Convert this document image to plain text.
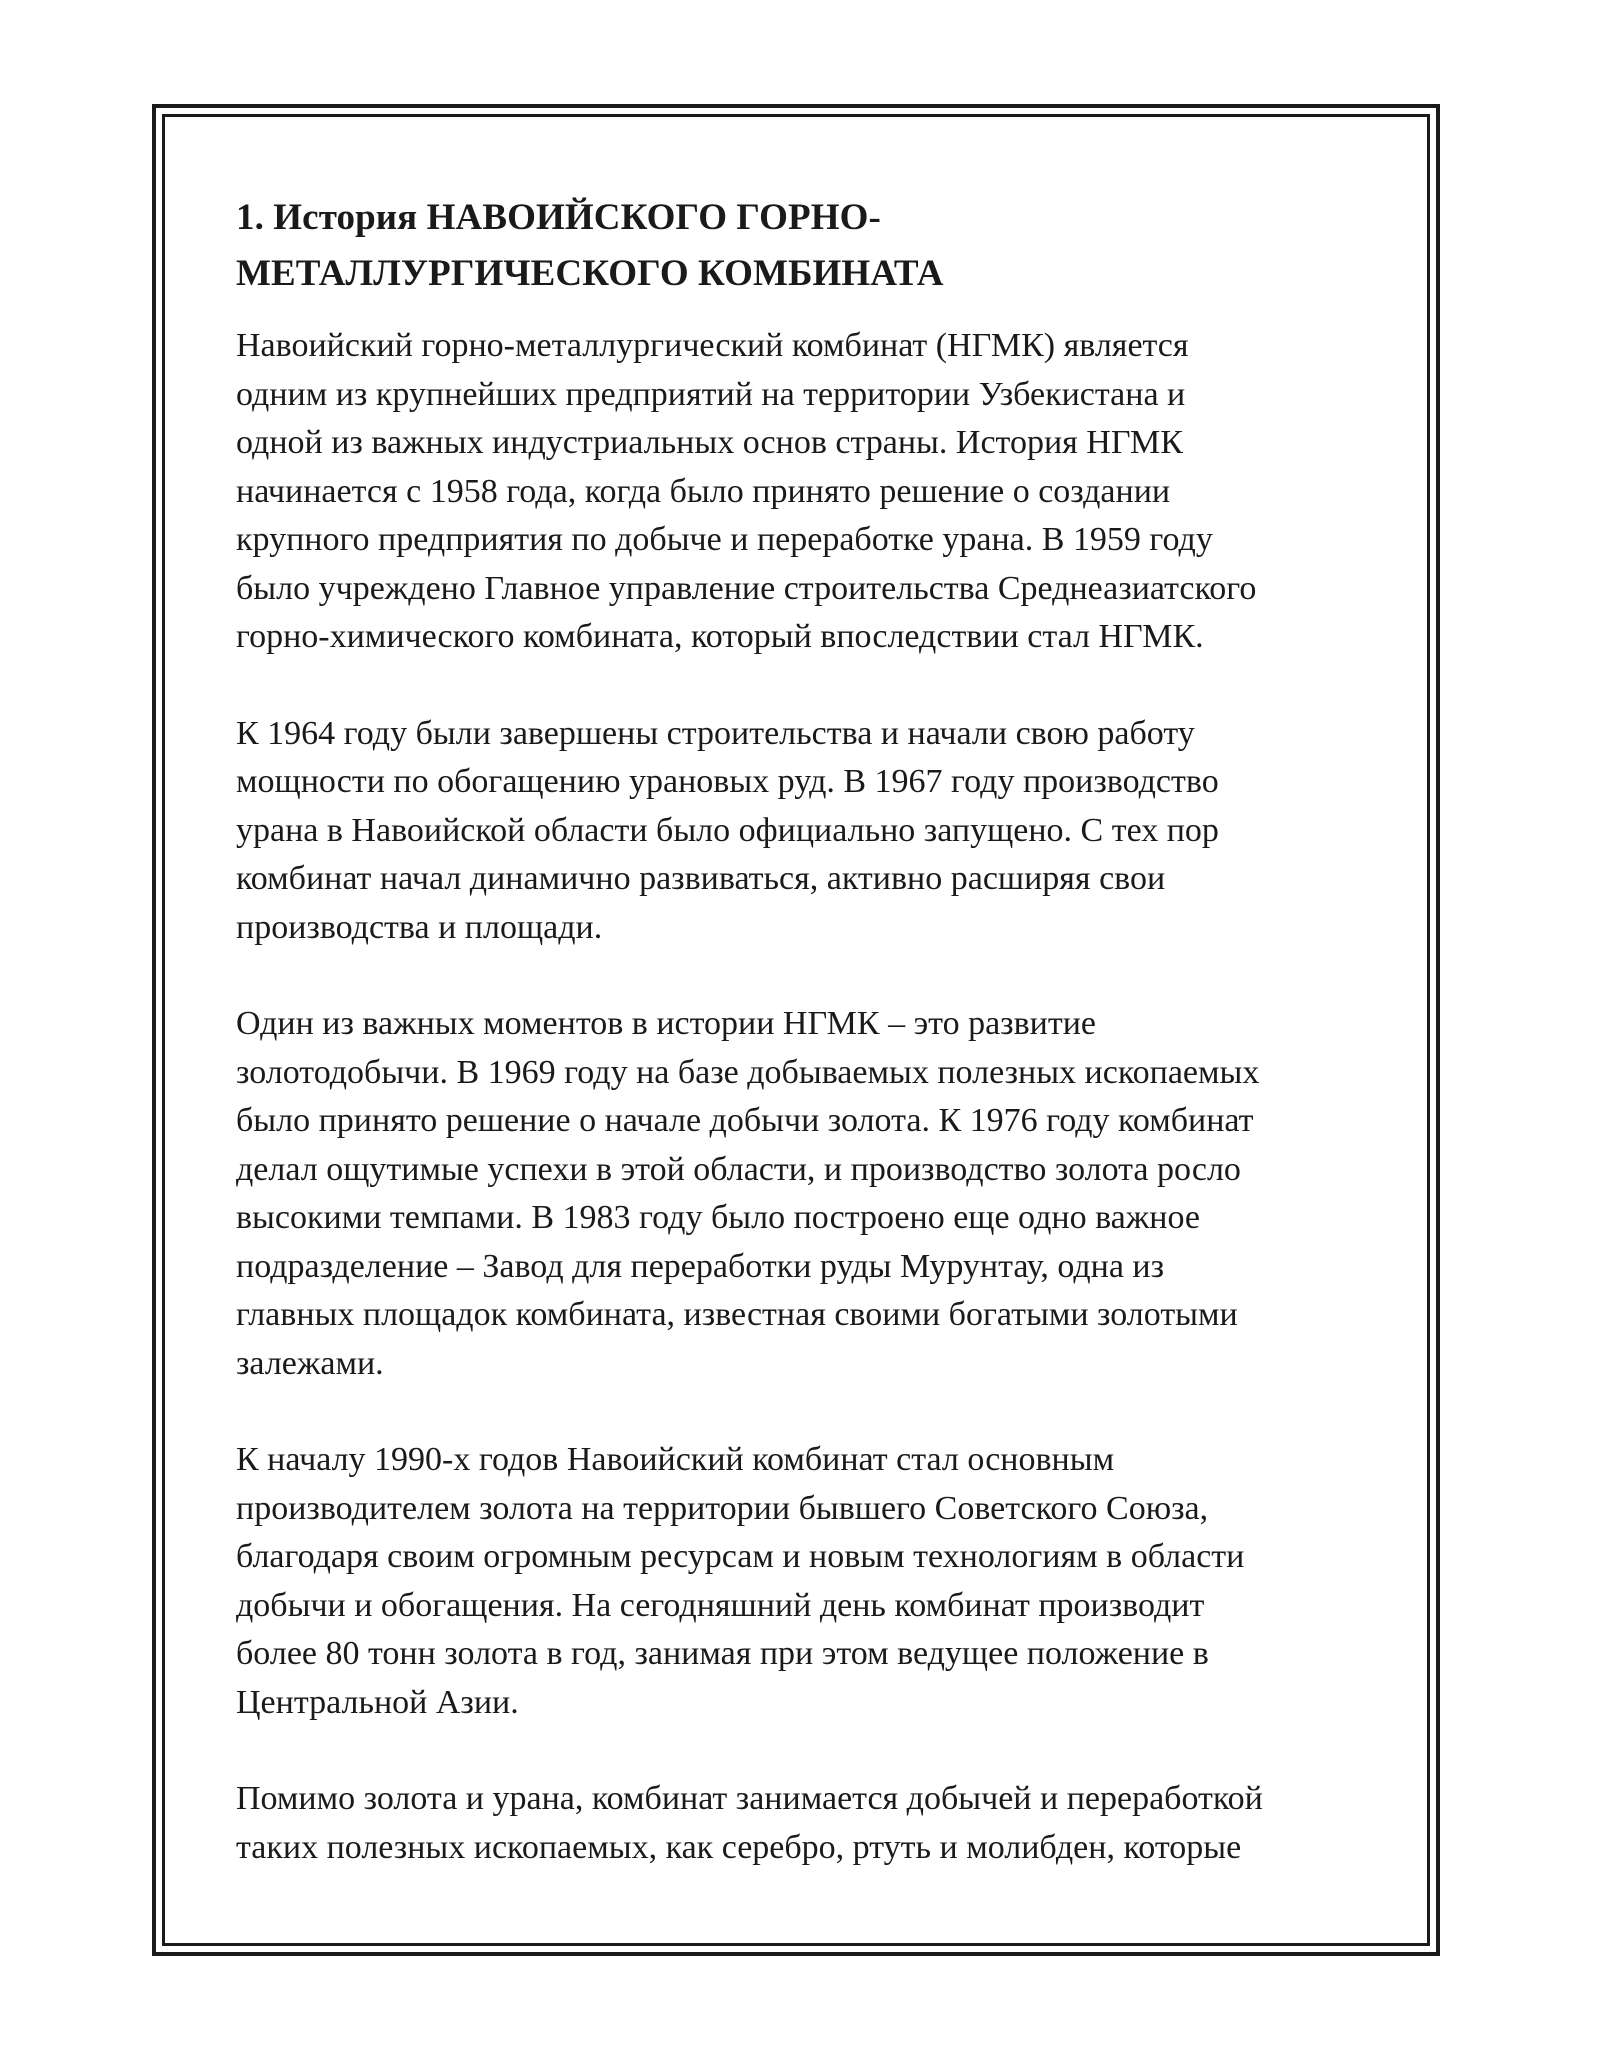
1. История НАВОИЙСКОГО ГОРНО-
МЕТАЛЛУРГИЧЕСКОГО КОМБИНАТА

Навоийский горно-металлургический комбинат (НГМК) является
одним из крупнейших предприятий на территории Узбекистана и
одной из важных индустриальных основ страны. История НГМК
начинается с 1958 года, когда было принято решение о создании
крупного предприятия по добыче и переработке урана. В 1959 году
было учреждено Главное управление строительства Среднеазиатского
горно-химического комбината, который впоследствии стал НГМК.

К 1964 году были завершены строительства и начали свою работу
мощности по обогащению урановых руд. В 1967 году производство
урана в Навоийской области было официально запущено. С тех пор
комбинат начал динамично развиваться, активно расширяя свои
производства и площади.

Один из важных моментов в истории НГМК – это развитие
золотодобычи. В 1969 году на базе добываемых полезных ископаемых
было принято решение о начале добычи золота. К 1976 году комбинат
делал ощутимые успехи в этой области, и производство золота росло
высокими темпами. В 1983 году было построено еще одно важное
подразделение – Завод для переработки руды Мурунтау, одна из
главных площадок комбината, известная своими богатыми золотыми
залежами.

К началу 1990-х годов Навоийский комбинат стал основным
производителем золота на территории бывшего Советского Союза,
благодаря своим огромным ресурсам и новым технологиям в области
добычи и обогащения. На сегодняшний день комбинат производит
более 80 тонн золота в год, занимая при этом ведущее положение в
Центральной Азии.

Помимо золота и урана, комбинат занимается добычей и переработкой
таких полезных ископаемых, как серебро, ртуть и молибден, которые
